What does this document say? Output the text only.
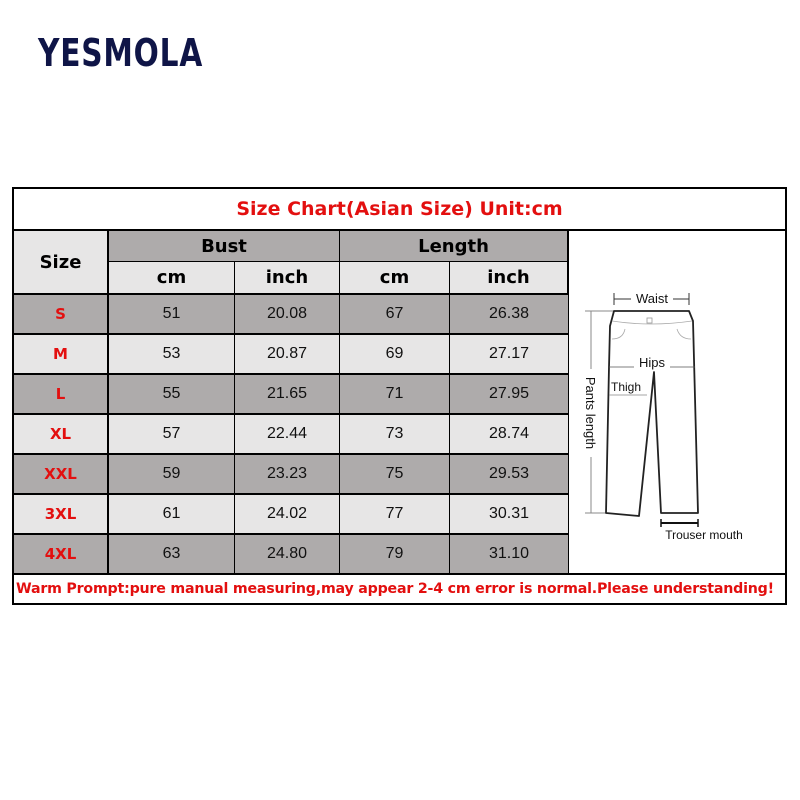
YESMOLA
Size Chart(Asian Size) Unit:cm
Size
Bust	Length
cm	inch	cm	inch
S	51	20.08	67	26.38
M	53	20.87	69	27.17
L	55	21.65	71	27.95
XL	57	22.44	73	28.74
XXL	59	23.23	75	29.53
3XL	61	24.02	77	30.31
4XL	63	24.80	79	31.10
Waist
Pants length
Hips
Thigh
Trouser mouth
Warm Prompt:pure manual measuring,may appear 2-4 cm error is normal.Please understanding!
